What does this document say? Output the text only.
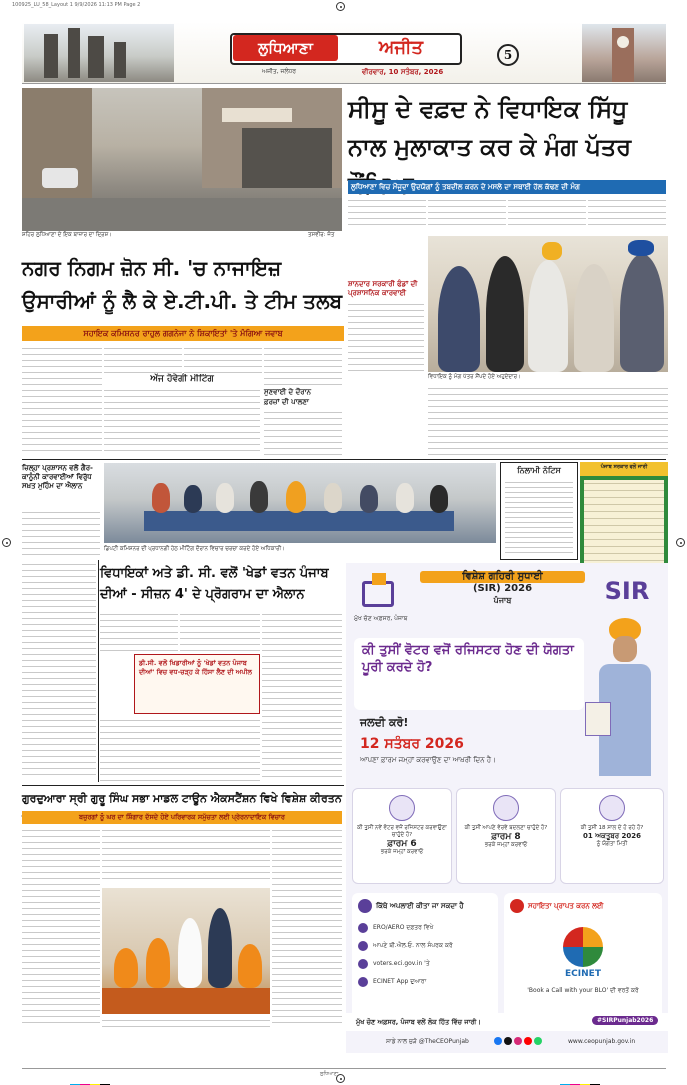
100925_LU_58_Layout 1 9/9/2026 11:13 PM Page 2
ਲੁਧਿਆਣਾ	ਅਜੀਤ
ਅਜੀਤ, ਜਲੰਧਰ	ਵੀਰਵਾਰ, 10 ਸਤੰਬਰ, 2026
5
ਸ਼ਹਿਰ ਲੁਧਿਆਣਾ ਦੇ ਇਕ ਬਾਜ਼ਾਰ ਦਾ ਦ੍ਰਿਸ਼।	ਤਸਵੀਰ: ਜੋਤ
ਸੀਸੂ ਦੇ ਵਫ਼ਦ ਨੇ ਵਿਧਾਇਕ ਸਿੱਧੂ ਨਾਲ ਮੁਲਾਕਾਤ ਕਰ ਕੇ ਮੰਗ ਪੱਤਰ
ਲੁਧਿਆਣਾ ਵਿਚ ਮੌਜੂਦਾ ਉਦਯੋਗਾਂ ਨੂੰ ਤਬਦੀਲ ਕਰਨ ਦੇ ਮਸਲੇ ਦਾ ਸਥਾਈ ਹੱਲ ਕੱਢਣ ਦੀ ਮੰਗ
ਸ਼ਾਨਦਾਰ ਸਰਕਾਰੀ ਫੰਡਾਂ ਦੀ ਪ੍ਰਸ਼ਾਸਨਿਕ ਕਾਰਵਾਈ
ਵਿਧਾਇਕ ਨੂੰ ਮੰਗ ਪੱਤਰ ਸੌਂਪਦੇ ਹੋਏ ਅਹੁਦੇਦਾਰ।
ਨਗਰ ਨਿਗਮ ਜ਼ੋਨ ਸੀ. 'ਚ ਨਾਜਾਇਜ਼ ਉਸਾਰੀਆਂ ਨੂੰ ਲੈ ਕੇ ਏ.ਟੀ.ਪੀ. ਤੇ ਟੀਮ ਤਲਬ
ਸਹਾਇਕ ਕਮਿਸ਼ਨਰ ਰਾਹੁਲ ਗਗਨੇਜਾ ਨੇ ਸ਼ਿਕਾਇਤਾਂ 'ਤੇ ਮੰਗਿਆ ਜਵਾਬ
ਅੱਜ ਹੋਵੇਗੀ ਮੀਟਿੰਗ
ਸੁਣਵਾਈ ਦੇ ਦੌਰਾਨ
ਫ਼ਰਜ਼ਾਂ ਦੀ ਪਾਲਣਾ
ਜ਼ਿਲ੍ਹਾ ਪ੍ਰਸ਼ਾਸਨ ਵਲੋਂ ਗੈਰ-ਕਾਨੂੰਨੀ ਕਾਰਵਾਈਆਂ ਵਿਰੁੱਧ ਸਖ਼ਤ ਮੁਹਿੰਮ ਦਾ ਐਲਾਨ
ਡਿਪਟੀ ਕਮਿਸ਼ਨਰ ਦੀ ਪ੍ਰਧਾਨਗੀ ਹੇਠ ਮੀਟਿੰਗ ਦੌਰਾਨ ਵਿਚਾਰ ਚਰਚਾ ਕਰਦੇ ਹੋਏ ਅਧਿਕਾਰੀ।
ਨਿਲਾਮੀ ਨੋਟਿਸ	ਪੰਜਾਬ ਸਰਕਾਰ ਵਲੋਂ ਜਾਰੀ
ਵਿਧਾਇਕਾਂ ਅਤੇ ਡੀ. ਸੀ. ਵਲੋਂ 'ਖੇਡਾਂ ਵਤਨ ਪੰਜਾਬ ਦੀਆਂ - ਸੀਜ਼ਨ 4' ਦੇ ਪ੍ਰੋਗਰਾਮ ਦਾ ਐਲਾਨ
ਡੀ.ਸੀ. ਵਲੋਂ ਖਿਡਾਰੀਆਂ ਨੂੰ 'ਖੇਡਾਂ ਵਤਨ ਪੰਜਾਬ ਦੀਆਂ' ਵਿਚ ਵਧ-ਚੜ੍ਹ ਕੇ ਹਿੱਸਾ ਲੈਣ ਦੀ ਅਪੀਲ
ਵਿਸ਼ੇਸ਼ ਗਹਿਰੀ ਸੁਧਾਈ
(SIR) 2026
ਪੰਜਾਬ
ਮੁੱਖ ਚੋਣ ਅਫ਼ਸਰ, ਪੰਜਾਬ
SIR
ਕੀ ਤੁਸੀਂ ਵੋਟਰ ਵਜੋਂ ਰਜਿਸਟਰ ਹੋਣ ਦੀ ਯੋਗਤਾ ਪੂਰੀ ਕਰਦੇ ਹੋ?
ਜਲਦੀ ਕਰੋ!
12 ਸਤੰਬਰ 2026
ਆਪਣਾ ਫ਼ਾਰਮ ਜਮ੍ਹਾਂ ਕਰਵਾਉਣ ਦਾ ਆਖ਼ਰੀ ਦਿਨ ਹੈ।
ਕੀ ਤੁਸੀਂ ਨਵੇਂ ਵੋਟਰ ਵਜੋਂ ਰਜਿਸਟਰ ਕਰਵਾਉਣਾ ਚਾਹੁੰਦੇ ਹੋ?
ਫ਼ਾਰਮ 6
ਭਰਕੇ ਜਮ੍ਹਾਂ ਕਰਵਾਓ
ਕੀ ਤੁਸੀਂ ਆਪਣੇ ਵੇਰਵੇ ਬਦਲਣਾ ਚਾਹੁੰਦੇ ਹੋ?
ਫ਼ਾਰਮ 8
ਭਰਕੇ ਜਮ੍ਹਾਂ ਕਰਵਾਓ
ਕੀ ਤੁਸੀਂ 18 ਸਾਲ ਦੇ ਹੋ ਰਹੇ ਹੋ?
01 ਅਕਤੂਬਰ 2026
ਨੂੰ ਯੋਗਤਾ ਮਿਤੀ
ਕਿੱਥੇ ਅਪਲਾਈ ਕੀਤਾ ਜਾ ਸਕਦਾ ਹੈ
ERO/AERO ਦਫ਼ਤਰ ਵਿਖੇ
ਆਪਣੇ ਬੀ.ਐਲ.ਓ. ਨਾਲ ਸੰਪਰਕ ਕਰੋ
voters.eci.gov.in 'ਤੇ
ECINET App ਦੁਆਰਾ
ਸਹਾਇਤਾ ਪ੍ਰਾਪਤ ਕਰਨ ਲਈ
ECINET
'Book a Call with your BLO' ਦੀ ਵਰਤੋਂ ਕਰੋ
ਮੁੱਖ ਚੋਣ ਅਫ਼ਸਰ, ਪੰਜਾਬ ਵਲੋਂ ਲੋਕ ਹਿੱਤ ਵਿੱਚ ਜਾਰੀ।	#SIRPunjab2026
ਸਾਡੇ ਨਾਲ ਜੁੜੋ @TheCEOPunjab	www.ceopunjab.gov.in
ਗੁਰਦੁਆਰਾ ਸ੍ਰੀ ਗੁਰੂ ਸਿੰਘ ਸਭਾ ਮਾਡਲ ਟਾਊਨ ਐਕਸਟੈਂਸ਼ਨ ਵਿਖੇ ਵਿਸ਼ੇਸ਼ ਕੀਰਤਨ
ਬਜ਼ੁਰਗਾਂ ਨੂੰ ਘਰ ਦਾ ਸ਼ਿੰਗਾਰ ਦੱਸਦੇ ਹੋਏ ਪਰਿਵਾਰਕ ਸਮੁੱਚਤਾ ਲਈ ਪ੍ਰੇਰਨਾਦਾਇਕ ਵਿਚਾਰ
ਲੁਧਿਆਣਾ
